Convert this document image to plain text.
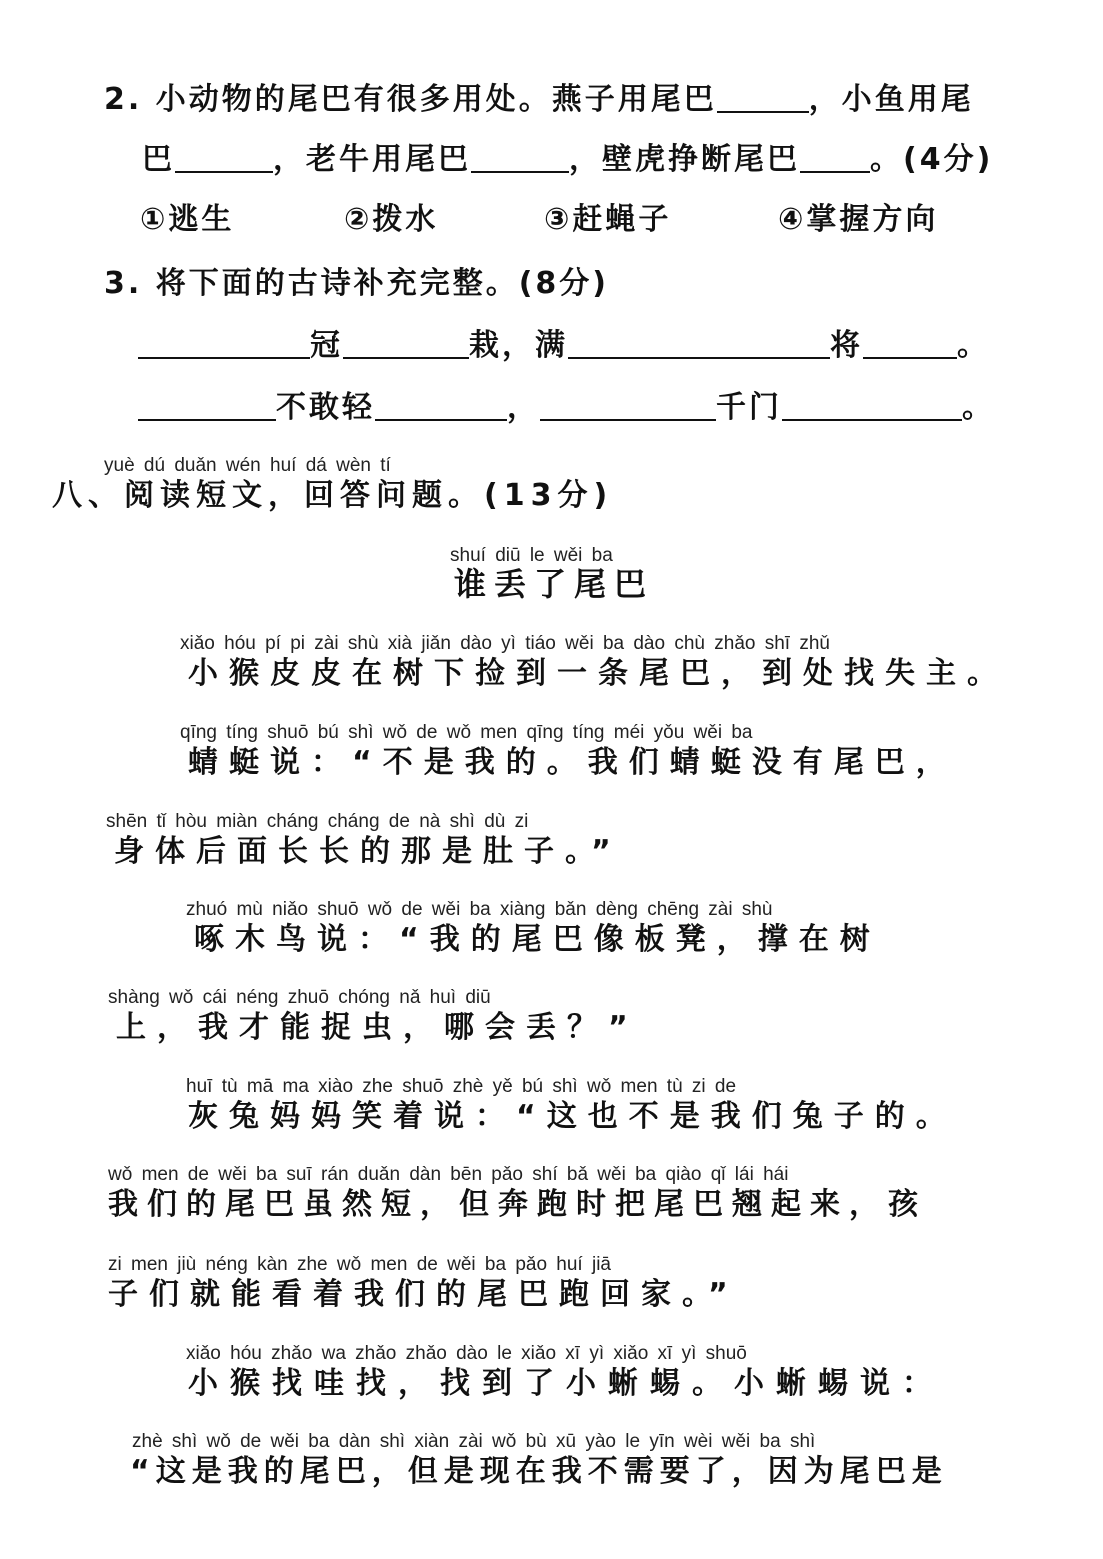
2. 小动物的尾巴有很多用处。燕子用尾巴	，小鱼用尾
巴	，老牛用尾巴	，壁虎挣断尾巴 。(4分)
①逃生	②拨水	③赶蝇子	④掌握方向
3. 将下面的古诗补充完整。(8分)
冠	栽，满	将	。
不敢轻	，	千门	。
yuè dú duǎn wén huí dá wèn tí
八、阅读短文，回答问题。(13分)
shuí diū le wěi ba
谁丢了尾巴
xiǎo hóu pí pi zài shù xià jiǎn dào yì tiáo wěi ba dào chù zhǎo shī zhǔ
小猴皮皮在树下捡到一条尾巴，到处找失主。
qīng tíng shuō bú shì wǒ de wǒ men qīng tíng méi yǒu wěi ba
蜻蜓说：“不是我的。我们蜻蜓没有尾巴，
shēn tǐ hòu miàn cháng cháng de nà shì dù zi
身体后面长长的那是肚子。”
zhuó mù niǎo shuō wǒ de wěi ba xiàng bǎn dèng chēng zài shù
啄木鸟说：“我的尾巴像板凳，撑在树
shàng wǒ cái néng zhuō chóng nǎ huì diū
上，我才能捉虫，哪会丢？”
huī tù mā ma xiào zhe shuō zhè yě bú shì wǒ men tù zi de
灰兔妈妈笑着说：“这也不是我们兔子的。
wǒ men de wěi ba suī rán duǎn dàn bēn pǎo shí bǎ wěi ba qiào qǐ lái hái
我们的尾巴虽然短，但奔跑时把尾巴翘起来，孩
zi men jiù néng kàn zhe wǒ men de wěi ba pǎo huí jiā
子们就能看着我们的尾巴跑回家。”
xiǎo hóu zhǎo wa zhǎo zhǎo dào le xiǎo xī yì xiǎo xī yì shuō
小猴找哇找，找到了小蜥蜴。小蜥蜴说：
zhè shì wǒ de wěi ba dàn shì xiàn zài wǒ bù xū yào le yīn wèi wěi ba shì
“这是我的尾巴，但是现在我不需要了，因为尾巴是
